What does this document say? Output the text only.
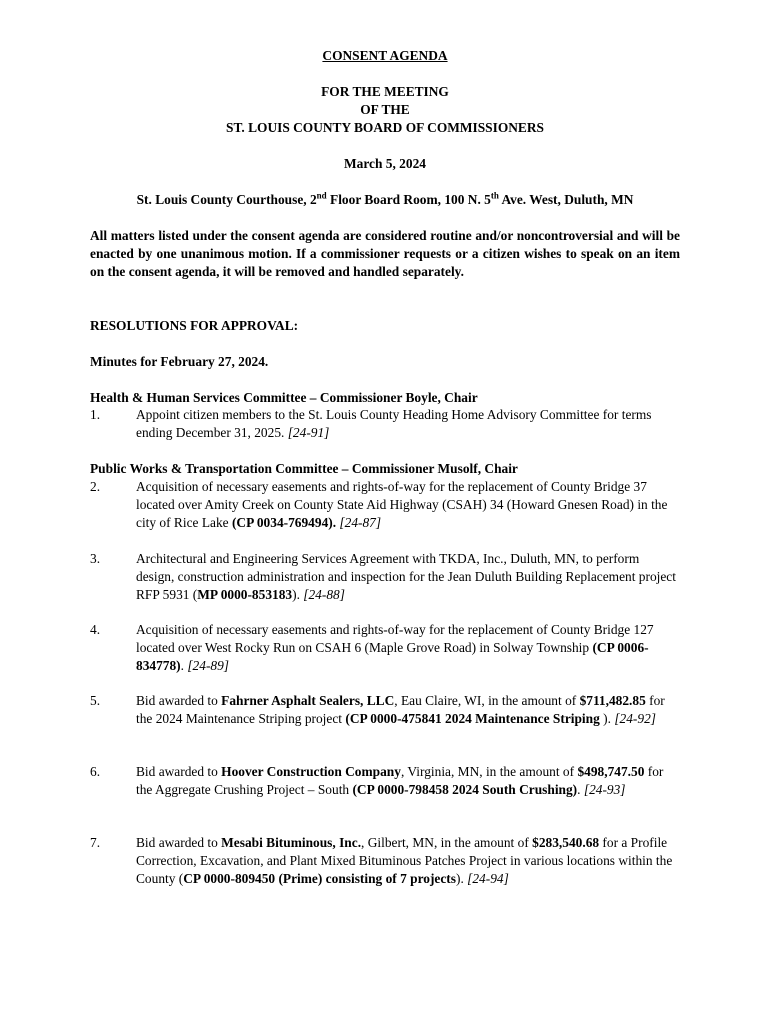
CONSENT AGENDA
FOR THE MEETING
OF THE
ST. LOUIS COUNTY BOARD OF COMMISSIONERS
March 5, 2024
St. Louis County Courthouse, 2nd Floor Board Room, 100 N. 5th Ave. West, Duluth, MN
All matters listed under the consent agenda are considered routine and/or noncontroversial and will be enacted by one unanimous motion. If a commissioner requests or a citizen wishes to speak on an item on the consent agenda, it will be removed and handled separately.
RESOLUTIONS FOR APPROVAL:
Minutes for February 27, 2024.
Health & Human Services Committee – Commissioner Boyle, Chair
1.	Appoint citizen members to the St. Louis County Heading Home Advisory Committee for terms ending December 31, 2025. [24-91]
Public Works & Transportation Committee – Commissioner Musolf, Chair
2.	Acquisition of necessary easements and rights-of-way for the replacement of County Bridge 37 located over Amity Creek on County State Aid Highway (CSAH) 34 (Howard Gnesen Road) in the city of Rice Lake (CP 0034-769494). [24-87]
3.	Architectural and Engineering Services Agreement with TKDA, Inc., Duluth, MN, to perform design, construction administration and inspection for the Jean Duluth Building Replacement project RFP 5931 (MP 0000-853183). [24-88]
4.	Acquisition of necessary easements and rights-of-way for the replacement of County Bridge 127 located over West Rocky Run on CSAH 6 (Maple Grove Road) in Solway Township (CP 0006-834778). [24-89]
5.	Bid awarded to Fahrner Asphalt Sealers, LLC, Eau Claire, WI, in the amount of $711,482.85 for the 2024 Maintenance Striping project (CP 0000-475841 2024 Maintenance Striping ). [24-92]
6.	Bid awarded to Hoover Construction Company, Virginia, MN, in the amount of $498,747.50 for the Aggregate Crushing Project – South (CP 0000-798458 2024 South Crushing). [24-93]
7.	Bid awarded to Mesabi Bituminous, Inc., Gilbert, MN, in the amount of $283,540.68 for a Profile Correction, Excavation, and Plant Mixed Bituminous Patches Project in various locations within the County (CP 0000-809450 (Prime) consisting of 7 projects). [24-94]
